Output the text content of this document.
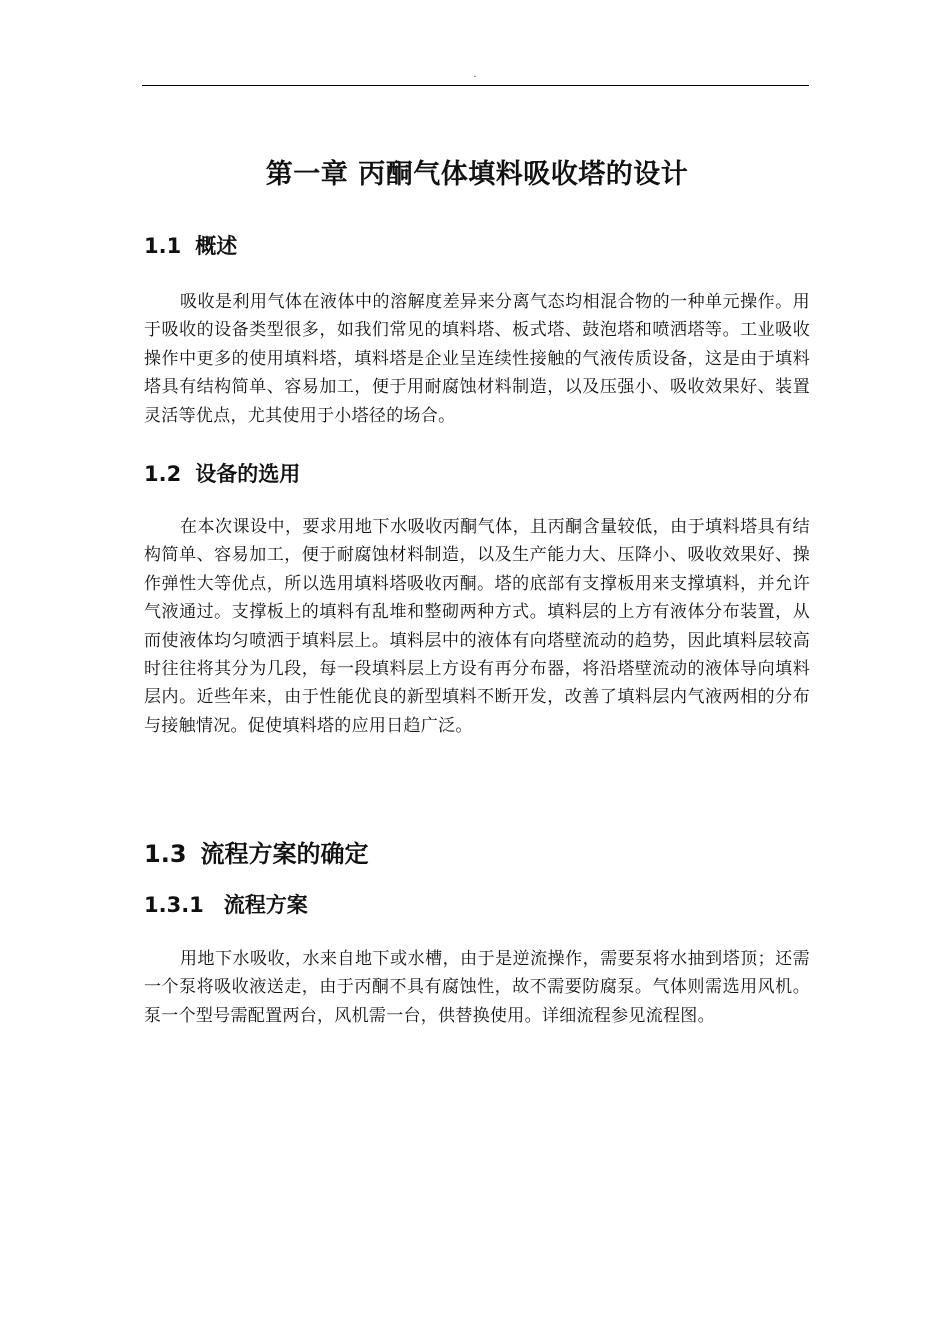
.
第一章 丙酮气体填料吸收塔的设计
1.1 概述
吸收是利用气体在液体中的溶解度差异来分离气态均相混合物的一种单元操作。用于吸收的设备类型很多，如我们常见的填料塔、板式塔、鼓泡塔和喷洒塔等。工业吸收操作中更多的使用填料塔，填料塔是企业呈连续性接触的气液传质设备，这是由于填料塔具有结构简单、容易加工，便于用耐腐蚀材料制造，以及压强小、吸收效果好、装置灵活等优点，尤其使用于小塔径的场合。
1.2 设备的选用
在本次课设中，要求用地下水吸收丙酮气体，且丙酮含量较低，由于填料塔具有结构简单、容易加工，便于耐腐蚀材料制造，以及生产能力大、压降小、吸收效果好、操作弹性大等优点，所以选用填料塔吸收丙酮。塔的底部有支撑板用来支撑填料，并允许气液通过。支撑板上的填料有乱堆和整砌两种方式。填料层的上方有液体分布装置，从而使液体均匀喷洒于填料层上。填料层中的液体有向塔壁流动的趋势，因此填料层较高时往往将其分为几段，每一段填料层上方设有再分布器，将沿塔壁流动的液体导向填料层内。近些年来，由于性能优良的新型填料不断开发，改善了填料层内气液两相的分布与接触情况。促使填料塔的应用日趋广泛。
1.3 流程方案的确定
1.3.1 流程方案
用地下水吸收，水来自地下或水槽，由于是逆流操作，需要泵将水抽到塔顶；还需一个泵将吸收液送走，由于丙酮不具有腐蚀性，故不需要防腐泵。气体则需选用风机。泵一个型号需配置两台，风机需一台，供替换使用。详细流程参见流程图。
